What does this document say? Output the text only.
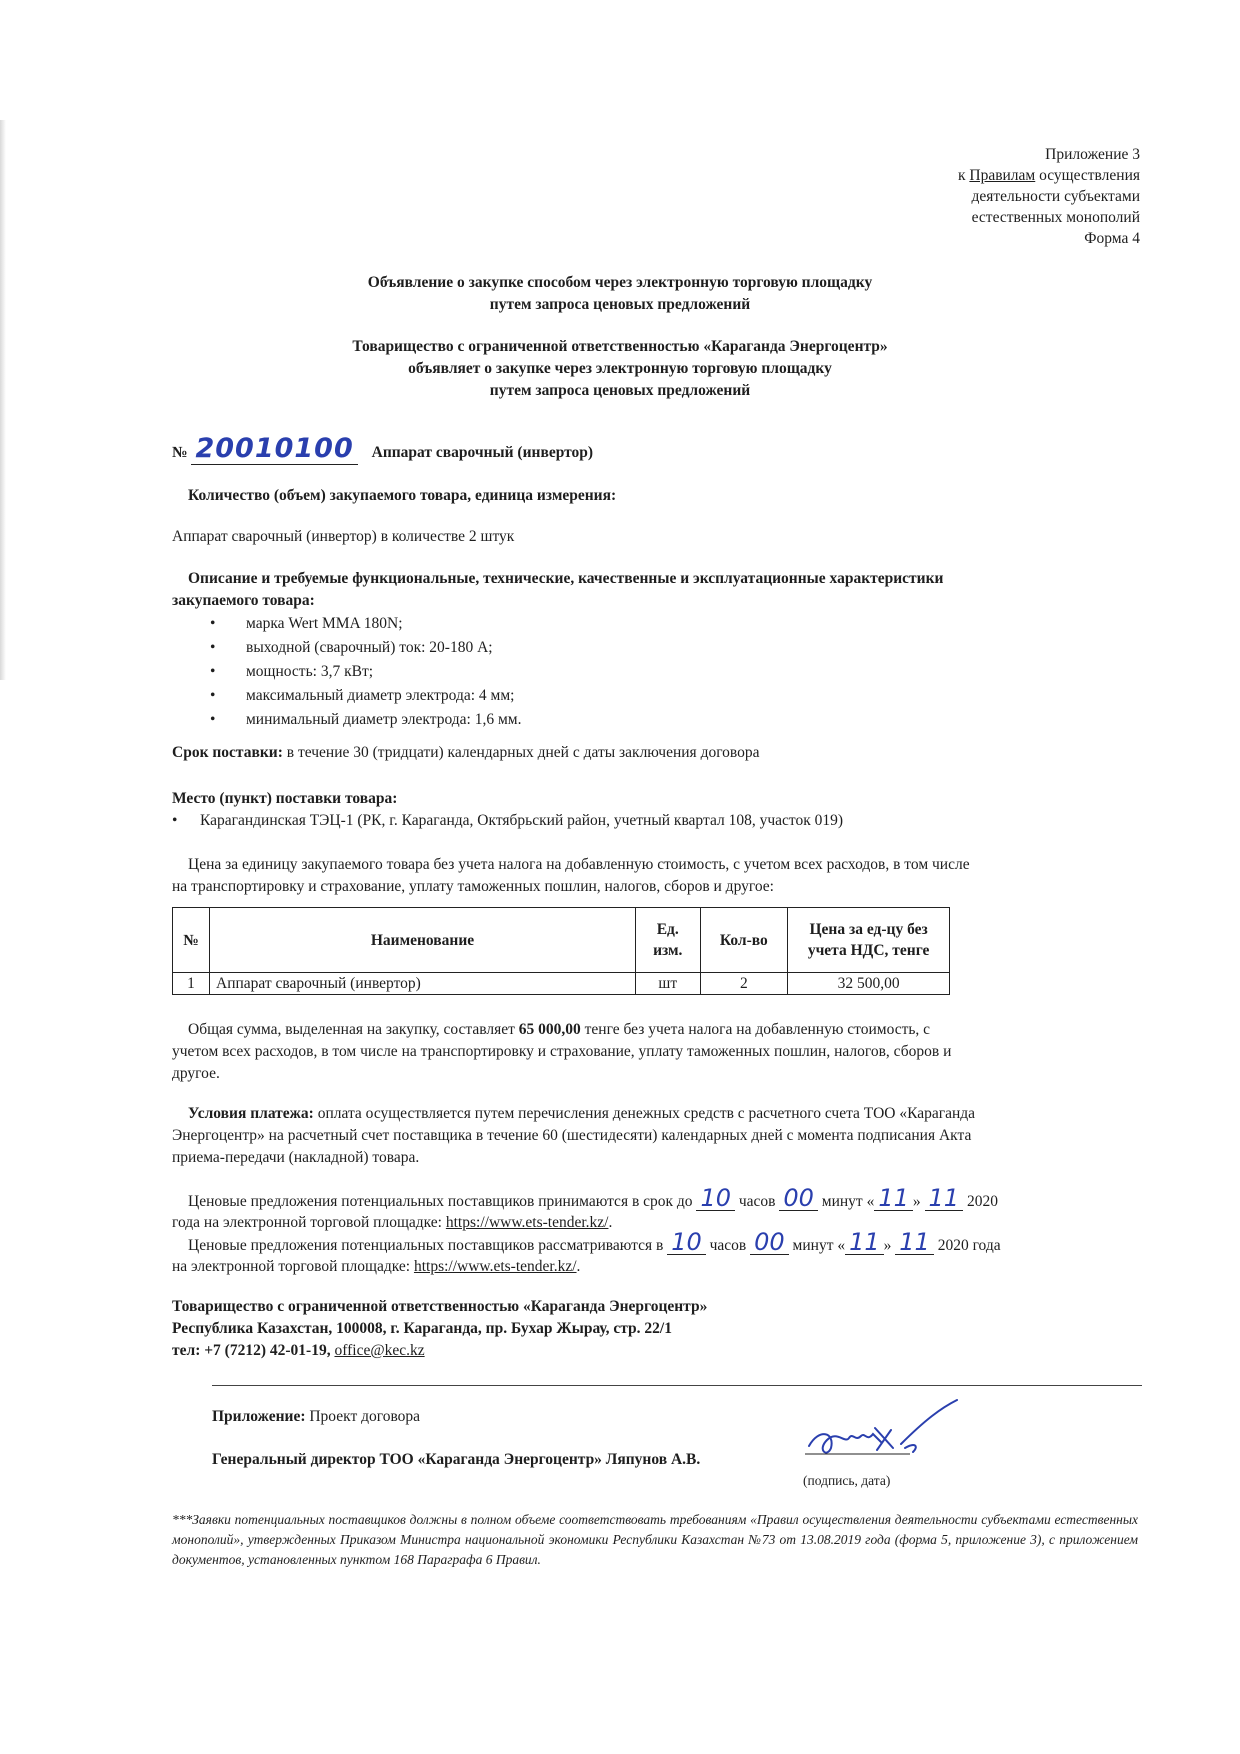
Приложение 3
к Правилам осуществления
деятельности субъектами
естественных монополий
Форма 4
Объявление о закупке способом через электронную торговую площадку
путем запроса ценовых предложений
Товарищество с ограниченной ответственностью «Караганда Энергоцентр»
объявляет о закупке через электронную торговую площадку
путем запроса ценовых предложений
№ 20010100 Аппарат сварочный (инвертор)
Количество (объем) закупаемого товара, единица измерения:
Аппарат сварочный (инвертор) в количестве 2 штук
Описание и требуемые функциональные, технические, качественные и эксплуатационные характеристики
закупаемого товара:
• марка Wert MMA 180N;
• выходной (сварочный) ток: 20-180 А;
• мощность: 3,7 кВт;
• максимальный диаметр электрода: 4 мм;
• минимальный диаметр электрода: 1,6 мм.
Срок поставки: в течение 30 (тридцати) календарных дней с даты заключения договора
Место (пункт) поставки товара:
• Карагандинская ТЭЦ-1 (РК, г. Караганда, Октябрьский район, учетный квартал 108, участок 019)
Цена за единицу закупаемого товара без учета налога на добавленную стоимость, с учетом всех расходов, в том числе
на транспортировку и страхование, уплату таможенных пошлин, налогов, сборов и другое:
№	Наименование	Ед. изм.	Кол-во	Цена за ед-цу без учета НДС, тенге
1	Аппарат сварочный (инвертор)	шт	2	32 500,00
Общая сумма, выделенная на закупку, составляет 65 000,00 тенге без учета налога на добавленную стоимость, с
учетом всех расходов, в том числе на транспортировку и страхование, уплату таможенных пошлин, налогов, сборов и
другое.
Условия платежа: оплата осуществляется путем перечисления денежных средств с расчетного счета ТОО «Караганда
Энергоцентр» на расчетный счет поставщика в течение 60 (шестидесяти) календарных дней с момента подписания Акта
приема-передачи (накладной) товара.
Ценовые предложения потенциальных поставщиков принимаются в срок до 10 часов 00 минут « 11 » 11 2020
года на электронной торговой площадке: https://www.ets-tender.kz/.
Ценовые предложения потенциальных поставщиков рассматриваются в 10 часов 00 минут « 11 » 11 2020 года
на электронной торговой площадке: https://www.ets-tender.kz/.
Товарищество с ограниченной ответственностью «Караганда Энергоцентр»
Республика Казахстан, 100008, г. Караганда, пр. Бухар Жырау, стр. 22/1
тел: +7 (7212) 42-01-19, office@kec.kz
Приложение: Проект договора
Генеральный директор ТОО «Караганда Энергоцентр» Ляпунов А.В.
(подпись, дата)
***Заявки потенциальных поставщиков должны в полном объеме соответствовать требованиям «Правил осуществления деятельности субъектами естественных монополий», утвержденных Приказом Министра национальной экономики Республики Казахстан №73 от 13.08.2019 года (форма 5, приложение 3), с приложением документов, установленных пунктом 168 Параграфа 6 Правил.
